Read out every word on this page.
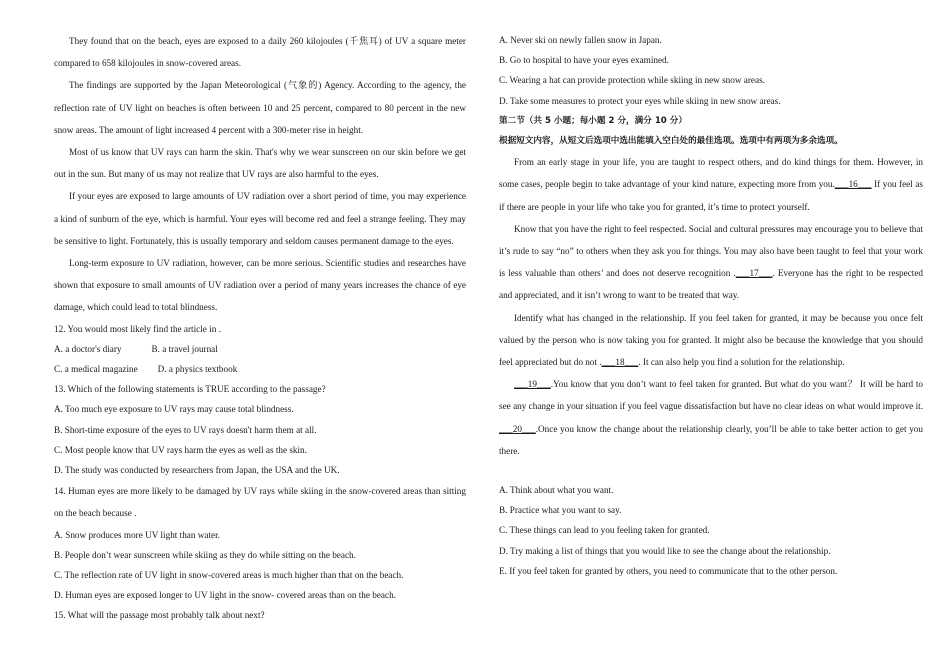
They found that on the beach, eyes are exposed to a daily 260 kilojoules (千焦耳) of UV a square meter compared to 658 kilojoules in snow-covered areas.

The findings are supported by the Japan Meteorological (气象的) Agency. According to the agency, the reflection rate of UV light on beaches is often between 10 and 25 percent, compared to 80 percent in the new snow areas. The amount of light increased 4 percent with a 300-meter rise in height.

Most of us know that UV rays can harm the skin. That's why we wear sunscreen on our skin before we get out in the sun. But many of us may not realize that UV rays are also harmful to the eyes.

If your eyes are exposed to large amounts of UV radiation over a short period of time, you may experience a kind of sunburn of the eye, which is harmful. Your eyes will become red and feel a strange feeling. They may be sensitive to light. Fortunately, this is usually temporary and seldom causes permanent damage to the eyes.

Long-term exposure to UV radiation, however, can be more serious. Scientific studies and researches have shown that exposure to small amounts of UV radiation over a period of many years increases the chance of eye damage, which could lead to total blindness.

12. You would most likely find the article in .

A. a doctor's diary	B. a travel journal

C. a medical magazine D. a physics textbook

13. Which of the following statements is TRUE according to the passage?

A. Too much eye exposure to UV rays may cause total blindness.

B. Short-time exposure of the eyes to UV rays doesn't harm them at all.

C. Most people know that UV rays harm the eyes as well as the skin.

D. The study was conducted by researchers from Japan, the USA and the UK.

14. Human eyes are more likely to be damaged by UV rays while skiing in the snow-covered areas than sitting on the beach because .

A. Snow produces more UV light than water.

B. People don’t wear sunscreen while skiing as they do while sitting on the beach.

C. The reflection rate of UV light in snow-covered areas is much higher than that on the beach.

D. Human eyes are exposed longer to UV light in the snow- covered areas than on the beach.

15. What will the passage most probably talk about next?

A. Never ski on newly fallen snow in Japan.

B. Go to hospital to have your eyes examined.

C. Wearing a hat can provide protection while skiing in new snow areas.

D. Take some measures to protect your eyes while skiing in new snow areas.

第二节（共 5 小题；每小题 2 分，满分 10 分）

根据短文内容，从短文后选项中选出能填入空白处的最佳选项。选项中有两项为多余选项。

From an early stage in your life, you are taught to respect others, and do kind things for them. However, in some cases, people begin to take advantage of your kind nature, expecting more from you.___16___ If you feel as if there are people in your life who take you for granted, it’s time to protect yourself.

Know that you have the right to feel respected. Social and cultural pressures may encourage you to believe that it’s rude to say “no” to others when they ask you for things. You may also have been taught to feel that your work is less valuable than others’ and does not deserve recognition .___17___. Everyone has the right to be respected and appreciated, and it isn’t wrong to want to be treated that way.

Identify what has changed in the relationship. If you feel taken for granted, it may be because you once felt valued by the person who is now taking you for granted. It might also be because the knowledge that you should feel appreciated but do not .___18___. It can also help you find a solution for the relationship.

___19___.You know that you don’t want to feel taken for granted. But what do you want？ It will be hard to see any change in your situation if you feel vague dissatisfaction but have no clear ideas on what would improve it. ___20___.Once you know the change about the relationship clearly, you’ll be able to take better action to get you there.

A. Think about what you want.

B. Practice what you want to say.

C. These things can lead to you feeling taken for granted.

D. Try making a list of things that you would like to see the change about the relationship.

E. If you feel taken for granted by others, you need to communicate that to the other person.
